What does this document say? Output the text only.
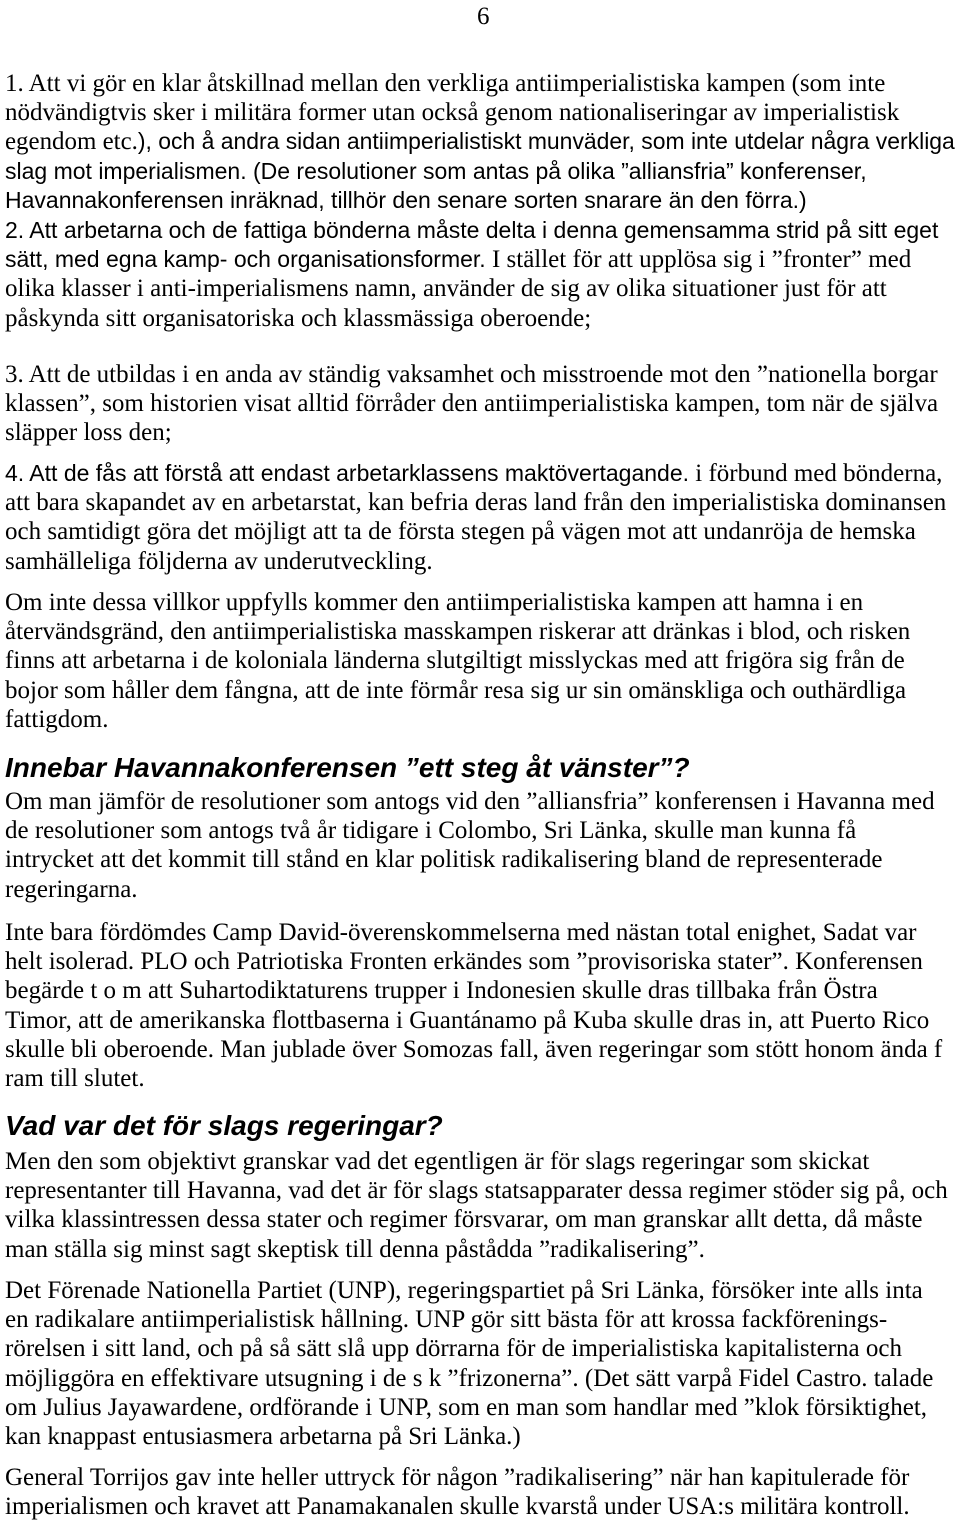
6
1. Att vi gör en klar åtskillnad mellan den verkliga antiimperialistiska kampen (som inte
nödvändigtvis sker i militära former utan också genom nationaliseringar av imperialistisk
egendom etc.), och å andra sidan antiimperialistiskt munväder, som inte utdelar några verkliga
slag mot imperialismen. (De resolutioner som antas på olika ”alliansfria” konferenser,
Havannakonferensen inräknad, tillhör den senare sorten snarare än den förra.)
2. Att arbetarna och de fattiga bönderna måste delta i denna gemensamma strid på sitt eget
sätt, med egna kamp- och organisationsformer. I stället för att upplösa sig i ”fronter” med
olika klasser i anti-imperialismens namn, använder de sig av olika situationer just för att
påskynda sitt organisatoriska och klassmässiga oberoende;
3. Att de utbildas i en anda av ständig vaksamhet och misstroende mot den ”nationella borgar
klassen”, som historien visat alltid förråder den antiimperialistiska kampen, tom när de själva
släpper loss den;
4. Att de fås att förstå att endast arbetarklassens maktövertagande. i förbund med bönderna,
att bara skapandet av en arbetarstat, kan befria deras land från den imperialistiska dominansen
och samtidigt göra det möjligt att ta de första stegen på vägen mot att undanröja de hemska
samhälleliga följderna av underutveckling.
Om inte dessa villkor uppfylls kommer den antiimperialistiska kampen att hamna i en
återvändsgränd, den antiimperialistiska masskampen riskerar att dränkas i blod, och risken
finns att arbetarna i de koloniala länderna slutgiltigt misslyckas med att frigöra sig från de
bojor som håller dem fångna, att de inte förmår resa sig ur sin omänskliga och outhärdliga
fattigdom.
Innebar Havannakonferensen ”ett steg åt vänster”?
Om man jämför de resolutioner som antogs vid den ”alliansfria” konferensen i Havanna med
de resolutioner som antogs två år tidigare i Colombo, Sri Länka, skulle man kunna få
intrycket att det kommit till stånd en klar politisk radikalisering bland de representerade
regeringarna.
Inte bara fördömdes Camp David-överenskommelserna med nästan total enighet, Sadat var
helt isolerad. PLO och Patriotiska Fronten erkändes som ”provisoriska stater”. Konferensen
begärde t o m att Suhartodiktaturens trupper i Indonesien skulle dras tillbaka från Östra
Timor, att de amerikanska flottbaserna i Guantánamo på Kuba skulle dras in, att Puerto Rico
skulle bli oberoende. Man jublade över Somozas fall, även regeringar som stött honom ända f
ram till slutet.
Vad var det för slags regeringar?
Men den som objektivt granskar vad det egentligen är för slags regeringar som skickat
representanter till Havanna, vad det är för slags statsapparater dessa regimer stöder sig på, och
vilka klassintressen dessa stater och regimer försvarar, om man granskar allt detta, då måste
man ställa sig minst sagt skeptisk till denna påstådda ”radikalisering”.
Det Förenade Nationella Partiet (UNP), regeringspartiet på Sri Länka, försöker inte alls inta
en radikalare antiimperialistisk hållning. UNP gör sitt bästa för att krossa fackförenings-
rörelsen i sitt land, och på så sätt slå upp dörrarna för de imperialistiska kapitalisterna och
möjliggöra en effektivare utsugning i de s k ”frizonerna”. (Det sätt varpå Fidel Castro. talade
om Julius Jayawardene, ordförande i UNP, som en man som handlar med ”klok försiktighet,
kan knappast entusiasmera arbetarna på Sri Länka.)
General Torrijos gav inte heller uttryck för någon ”radikalisering” när han kapitulerade för
imperialismen och kravet att Panamakanalen skulle kvarstå under USA:s militära kontroll.
